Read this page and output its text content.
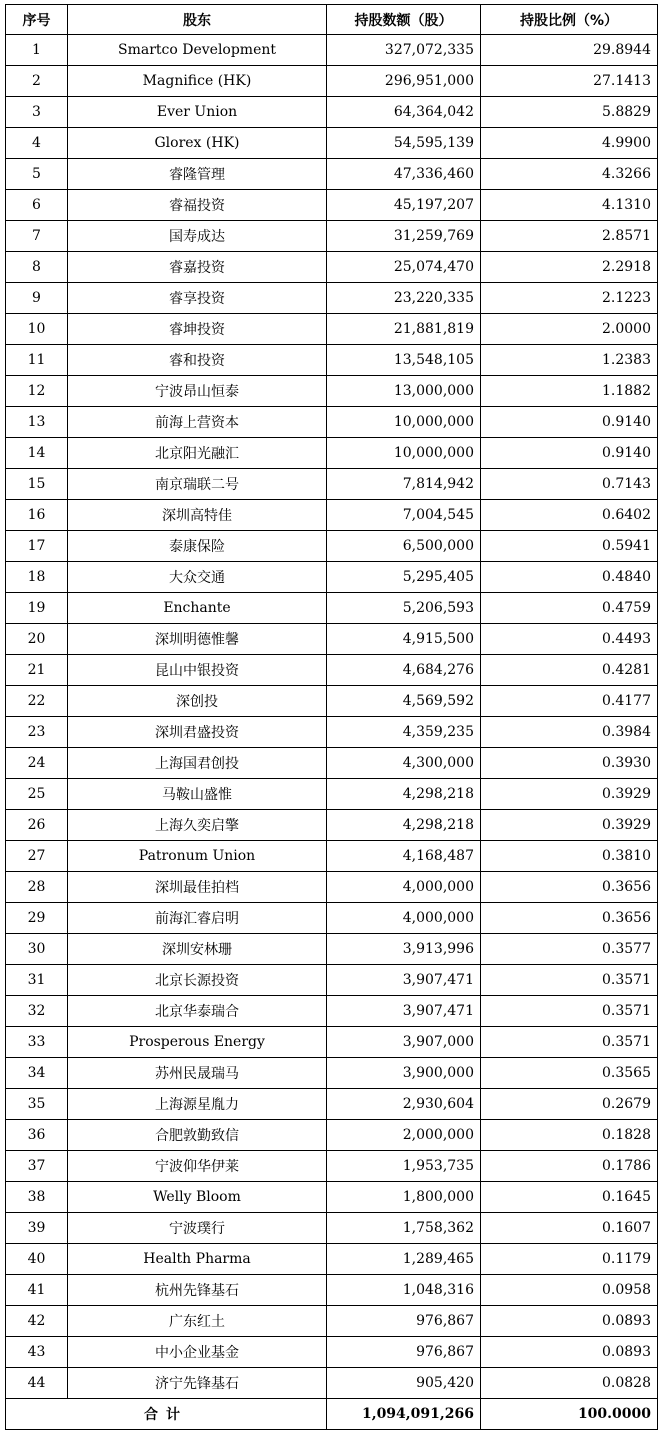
序号	股东	持股数额（股）	持股比例（%）
1	Smartco Development	327,072,335	29.8944
2	Magnifice (HK)	296,951,000	27.1413
3	Ever Union	64,364,042	5.8829
4	Glorex (HK)	54,595,139	4.9900
5	睿隆管理	47,336,460	4.3266
6	睿福投资	45,197,207	4.1310
7	国寿成达	31,259,769	2.8571
8	睿嘉投资	25,074,470	2.2918
9	睿享投资	23,220,335	2.1223
10	睿坤投资	21,881,819	2.0000
11	睿和投资	13,548,105	1.2383
12	宁波昂山恒泰	13,000,000	1.1882
13	前海上营资本	10,000,000	0.9140
14	北京阳光融汇	10,000,000	0.9140
15	南京瑞联二号	7,814,942	0.7143
16	深圳高特佳	7,004,545	0.6402
17	泰康保险	6,500,000	0.5941
18	大众交通	5,295,405	0.4840
19	Enchante	5,206,593	0.4759
20	深圳明德惟馨	4,915,500	0.4493
21	昆山中银投资	4,684,276	0.4281
22	深创投	4,569,592	0.4177
23	深圳君盛投资	4,359,235	0.3984
24	上海国君创投	4,300,000	0.3930
25	马鞍山盛惟	4,298,218	0.3929
26	上海久奕启擎	4,298,218	0.3929
27	Patronum Union	4,168,487	0.3810
28	深圳最佳拍档	4,000,000	0.3656
29	前海汇睿启明	4,000,000	0.3656
30	深圳安林珊	3,913,996	0.3577
31	北京长源投资	3,907,471	0.3571
32	北京华泰瑞合	3,907,471	0.3571
33	Prosperous Energy	3,907,000	0.3571
34	苏州民晟瑞马	3,900,000	0.3565
35	上海源星胤力	2,930,604	0.2679
36	合肥敦勤致信	2,000,000	0.1828
37	宁波仰华伊莱	1,953,735	0.1786
38	Welly Bloom	1,800,000	0.1645
39	宁波璞行	1,758,362	0.1607
40	Health Pharma	1,289,465	0.1179
41	杭州先锋基石	1,048,316	0.0958
42	广东红土	976,867	0.0893
43	中小企业基金	976,867	0.0893
44	济宁先锋基石	905,420	0.0828
合计		1,094,091,266	100.0000
